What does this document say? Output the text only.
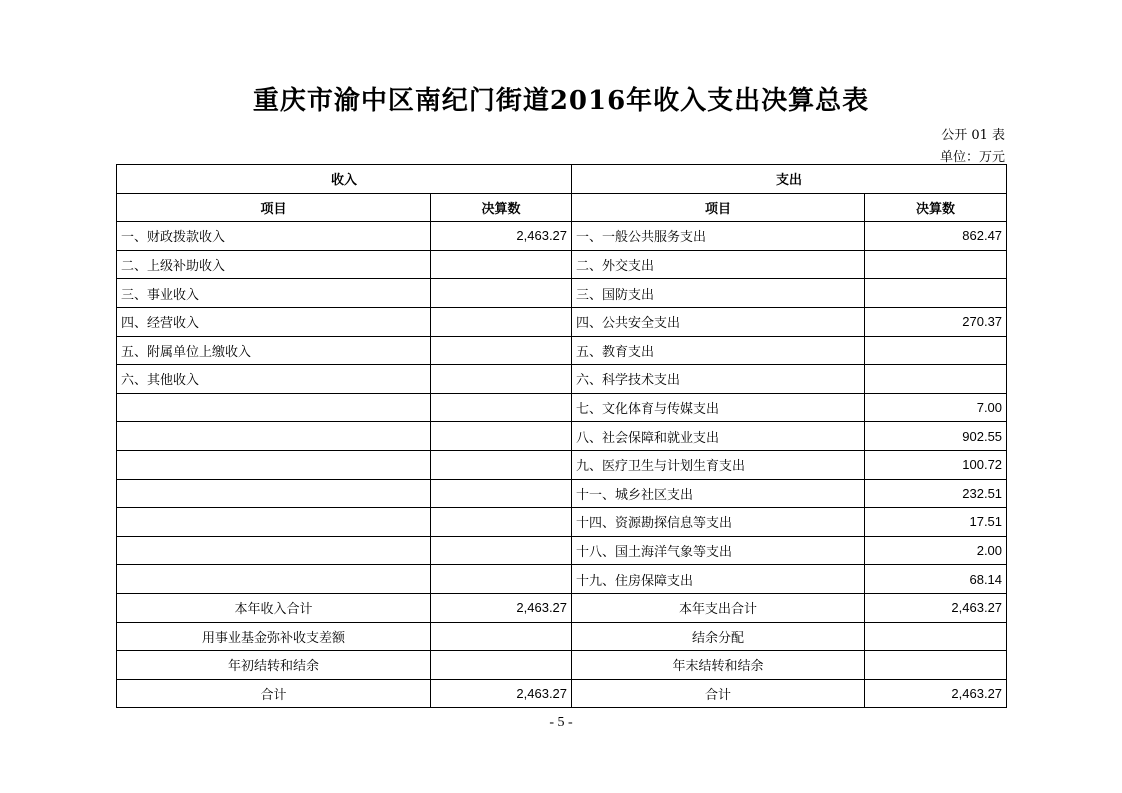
重庆市渝中区南纪门街道2016年收入支出决算总表
公开 01 表
单位：万元
收入		支出	
项目	决算数	项目	决算数
一、财政拨款收入	2,463.27	一、一般公共服务支出	862.47
二、上级补助收入		二、外交支出	
三、事业收入		三、国防支出	
四、经营收入		四、公共安全支出	270.37
五、附属单位上缴收入		五、教育支出	
六、其他收入		六、科学技术支出	
		七、文化体育与传媒支出	7.00
		八、社会保障和就业支出	902.55
		九、医疗卫生与计划生育支出	100.72
		十一、城乡社区支出	232.51
		十四、资源勘探信息等支出	17.51
		十八、国土海洋气象等支出	2.00
		十九、住房保障支出	68.14
本年收入合计	2,463.27	本年支出合计	2,463.27
用事业基金弥补收支差额		结余分配	
年初结转和结余		年末结转和结余	
合计	2,463.27	合计	2,463.27
- 5 -
